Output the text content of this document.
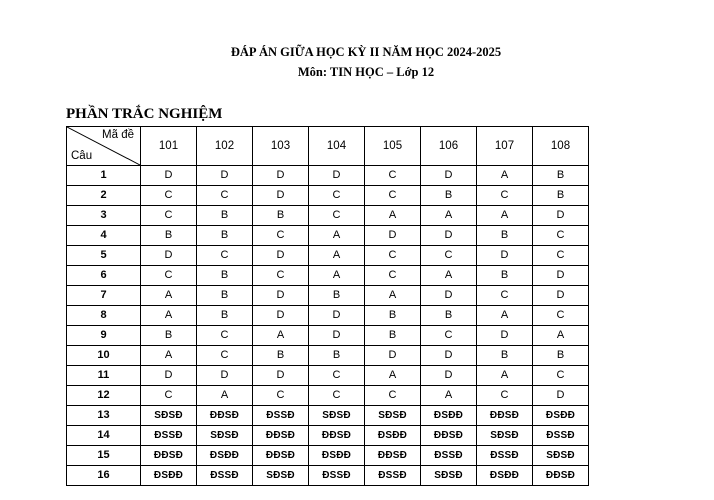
ĐÁP ÁN GIỮA HỌC KỲ II NĂM HỌC 2024-2025
Môn: TIN HỌC – Lớp 12
PHẦN TRẮC NGHIỆM
Mã đề
Câu	101	102	103	104	105	106	107	108
1	D	D	D	D	C	D	A	B
2	C	C	D	C	C	B	C	B
3	C	B	B	C	A	A	A	D
4	B	B	C	A	D	D	B	C
5	D	C	D	A	C	C	D	C
6	C	B	C	A	C	A	B	D
7	A	B	D	B	A	D	C	D
8	A	B	D	D	B	B	A	C
9	B	C	A	D	B	C	D	A
10	A	C	B	B	D	D	B	B
11	D	D	D	C	A	D	A	C
12	C	A	C	C	C	A	C	D
13	SĐSĐ	ĐĐSĐ	ĐSSĐ	SĐSĐ	SĐSĐ	ĐSĐĐ	ĐĐSĐ	ĐSĐĐ
14	ĐSSĐ	SĐSĐ	ĐĐSĐ	ĐĐSĐ	ĐSĐĐ	ĐĐSĐ	SĐSĐ	ĐSSĐ
15	ĐĐSĐ	ĐSĐĐ	ĐĐSĐ	ĐSĐĐ	ĐĐSĐ	ĐSSĐ	ĐSSĐ	SĐSĐ
16	ĐSĐĐ	ĐSSĐ	SĐSĐ	ĐSSĐ	ĐSSĐ	SĐSĐ	ĐSĐĐ	ĐĐSĐ
